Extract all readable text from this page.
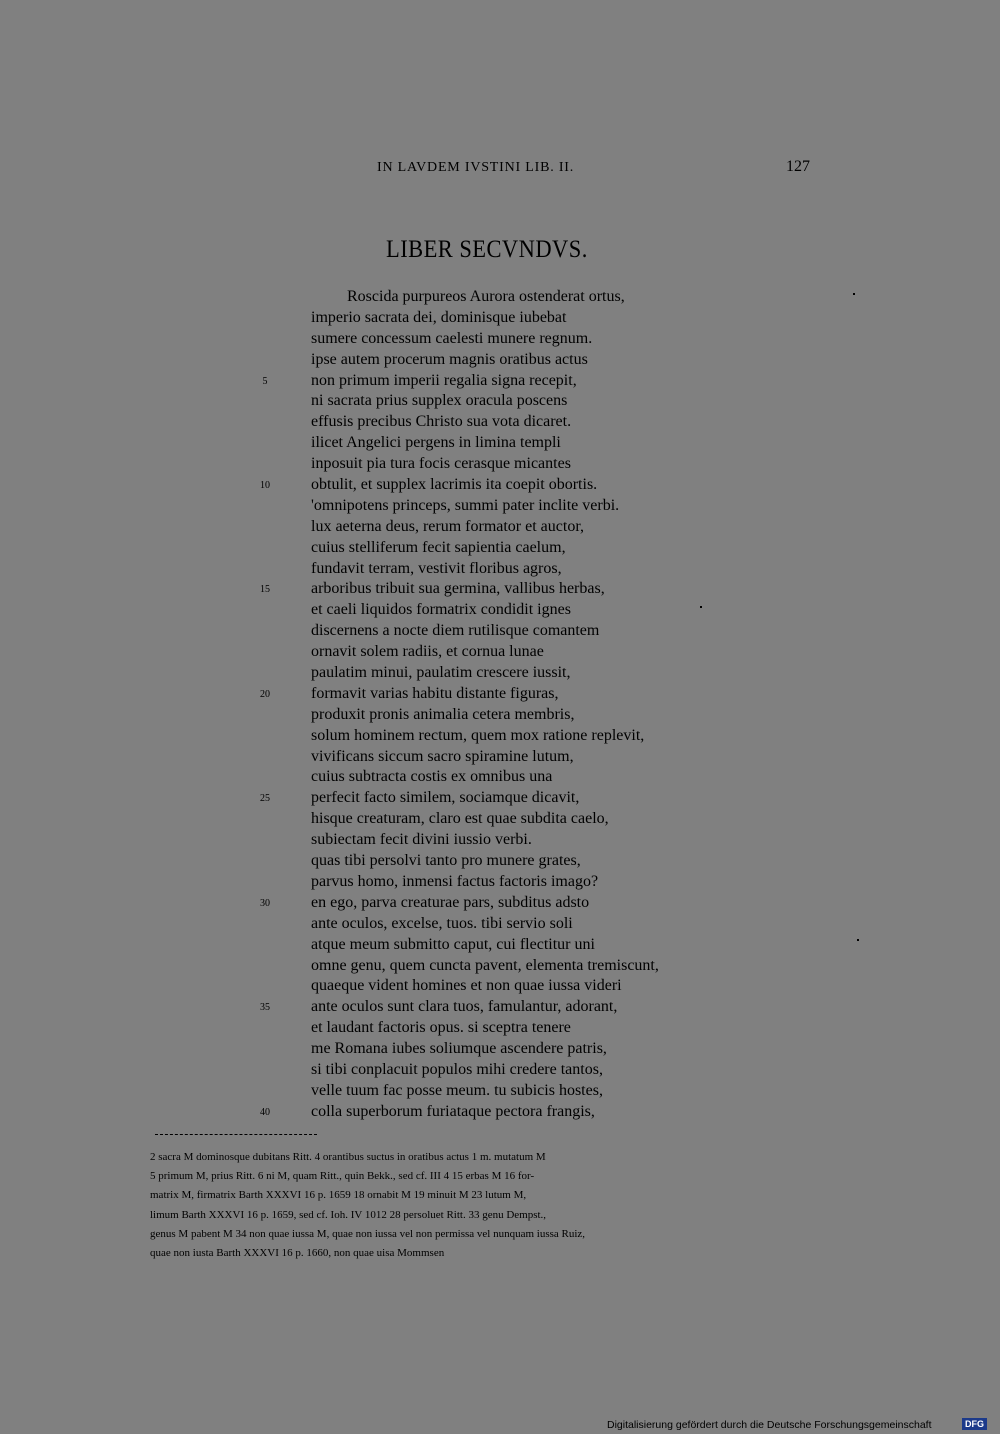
IN LAVDEM IVSTINI LIB. II.	127
LIBER SECVNDVS.
Roscida purpureos Aurora ostenderat ortus,
imperio sacrata dei, dominisque iubebat
sumere concessum caelesti munere regnum.
ipse autem procerum magnis oratibus actus
5	non primum imperii regalia signa recepit,
ni sacrata prius supplex oracula poscens
effusis precibus Christo sua vota dicaret.
ilicet Angelici pergens in limina templi
inposuit pia tura focis cerasque micantes
10	obtulit, et supplex lacrimis ita coepit obortis.
'omnipotens princeps, summi pater inclite verbi.
lux aeterna deus, rerum formator et auctor,
cuius stelliferum fecit sapientia caelum,
fundavit terram, vestivit floribus agros,
15	arboribus tribuit sua germina, vallibus herbas,
et caeli liquidos formatrix condidit ignes
discernens a nocte diem rutilisque comantem
ornavit solem radiis, et cornua lunae
paulatim minui, paulatim crescere iussit,
20	formavit varias habitu distante figuras,
produxit pronis animalia cetera membris,
solum hominem rectum, quem mox ratione replevit,
vivificans siccum sacro spiramine lutum,
cuius subtracta costis ex omnibus una
25	perfecit facto similem, sociamque dicavit,
hisque creaturam, claro est quae subdita caelo,
subiectam fecit divini iussio verbi.
quas tibi persolvi tanto pro munere grates,
parvus homo, inmensi factus factoris imago?
30	en ego, parva creaturae pars, subditus adsto
ante oculos, excelse, tuos. tibi servio soli
atque meum submitto caput, cui flectitur uni
omne genu, quem cuncta pavent, elementa tremiscunt,
quaeque vident homines et non quae iussa videri
35	ante oculos sunt clara tuos, famulantur, adorant,
et laudant factoris opus. si sceptra tenere
me Romana iubes soliumque ascendere patris,
si tibi conplacuit populos mihi credere tantos,
velle tuum fac posse meum. tu subicis hostes,
40	colla superborum furiataque pectora frangis,
2 sacra M dominosque dubitans Ritt. 4 orantibus suctus in oratibus actus 1 m. mutatum M
5 primum M, prius Ritt. 6 ni M, quam Ritt., quin Bekk., sed cf. III 4 15 erbas M 16 for-
matrix M, firmatrix Barth XXXVI 16 p. 1659 18 ornabit M 19 minuit M 23 lutum M,
limum Barth XXXVI 16 p. 1659, sed cf. Ioh. IV 1012 28 persoluet Ritt. 33 genu Dempst.,
genus M pabent M 34 non quae iussa M, quae non iussa vel non permissa vel nunquam iussa Ruiz,
quae non iusta Barth XXXVI 16 p. 1660, non quae uisa Mommsen
Digitalisierung gefördert durch die Deutsche Forschungsgemeinschaft	DFG
